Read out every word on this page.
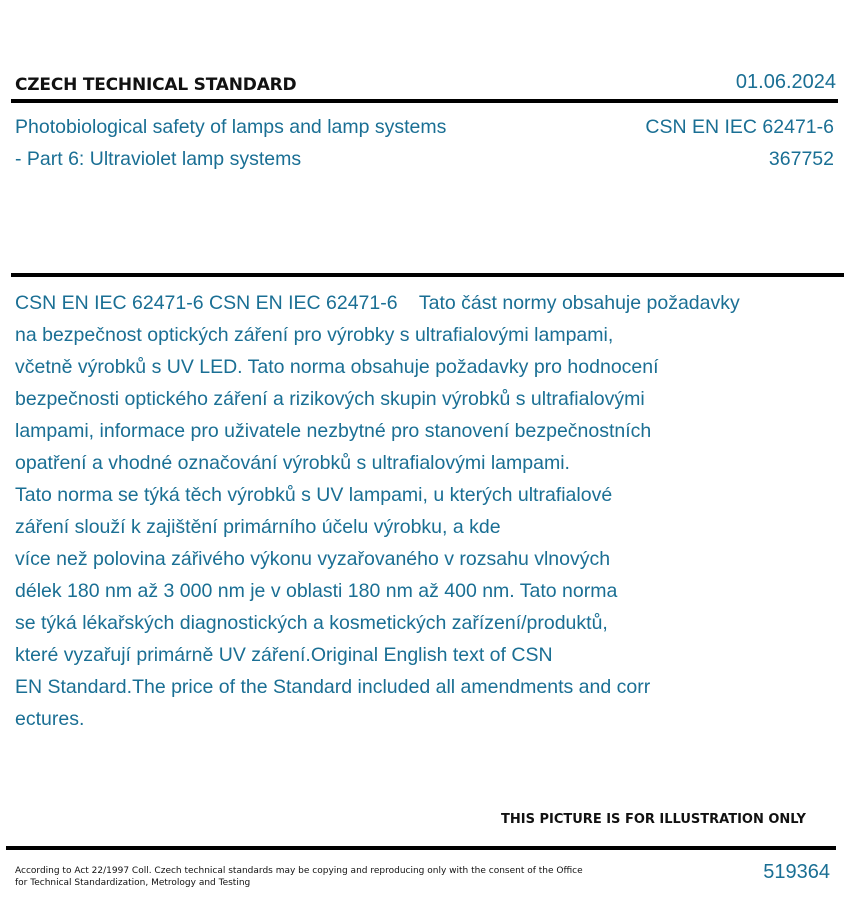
CZECH TECHNICAL STANDARD	01.06.2024
Photobiological safety of lamps and lamp systems
- Part 6: Ultraviolet lamp systems
CSN EN IEC 62471-6
367752
CSN EN IEC 62471-6 CSN EN IEC 62471-6    Tato část normy obsahuje požadavky
na bezpečnost optických záření pro výrobky s ultrafialovými lampami,
včetně výrobků s UV LED. Tato norma obsahuje požadavky pro hodnocení
bezpečnosti optického záření a rizikových skupin výrobků s ultrafialovými
lampami, informace pro uživatele nezbytné pro stanovení bezpečnostních
opatření a vhodné označování výrobků s ultrafialovými lampami.
Tato norma se týká těch výrobků s UV lampami, u kterých ultrafialové
záření slouží k zajištění primárního účelu výrobku, a kde
více než polovina zářivého výkonu vyzařovaného v rozsahu vlnových
délek 180 nm až 3 000 nm je v oblasti 180 nm až 400 nm. Tato norma
se týká lékařských diagnostických a kosmetických zařízení/produktů,
které vyzařují primárně UV záření.Original English text of CSN
EN Standard.The price of the Standard included all amendments and corr
ectures.
THIS PICTURE IS FOR ILLUSTRATION ONLY
According to Act 22/1997 Coll. Czech technical standards may be copying and reproducing only with the consent of the Office
for Technical Standardization, Metrology and Testing	519364
